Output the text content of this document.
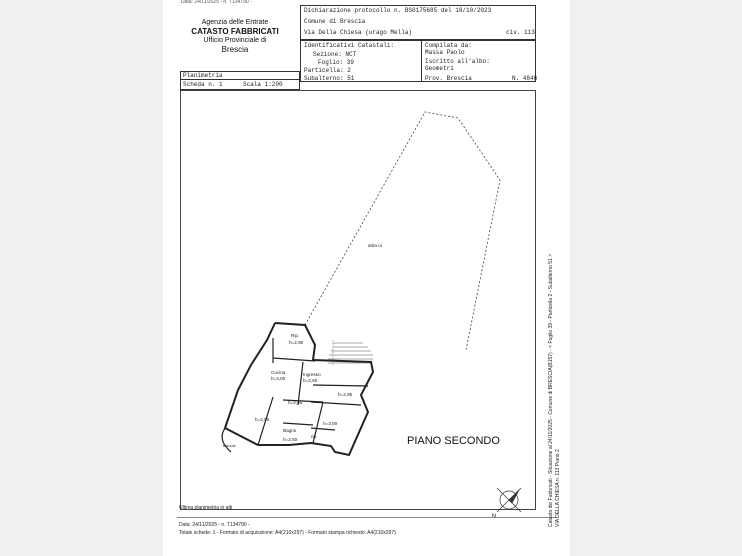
Data: 24/11/2025 - n. T134790 -
Agenzia delle Entrate
CATASTO FABBRICATI
Ufficio Provinciale di
Brescia
Dichiarazione protocollo n. BS0175685 del 18/10/2023
Comune di Brescia
Via Della Chiesa (urago Mella)	civ. 113
Identificativi Catastali:
Sezione: NCT
Foglio: 39
Particella: 2
Subalterno: 51
Compilata da:
Massa Paolo
Iscritto all'albo:
Geometri
Prov. Brescia	N. 4846
Planimetria
Scheda n. 1	Scala 1:200
altra ui
Rip.
h=2,90
Cucina
h=3,00
Ingresso
h=2,65
h=2,95
h=2,65
h=2,95
Bagno
h=2,50
h=3,00
rip.
Balcone	PIANO SECONDO
N
Ultima planimetria in atti
Data: 24/11/2025 - n. T134790 -
Totale schede: 1 - Formato di acquisizione: A4(210x297) - Formato stampa richiesto: A4(210x297)
Catasto dei Fabbricati - Situazione al 24/11/2025 - Comune di BRESCIA(B157) - < Foglio 39 - Particella 2 - Subalterno 51 > VIA DELLA CHIESA n. 113 Piano 2
